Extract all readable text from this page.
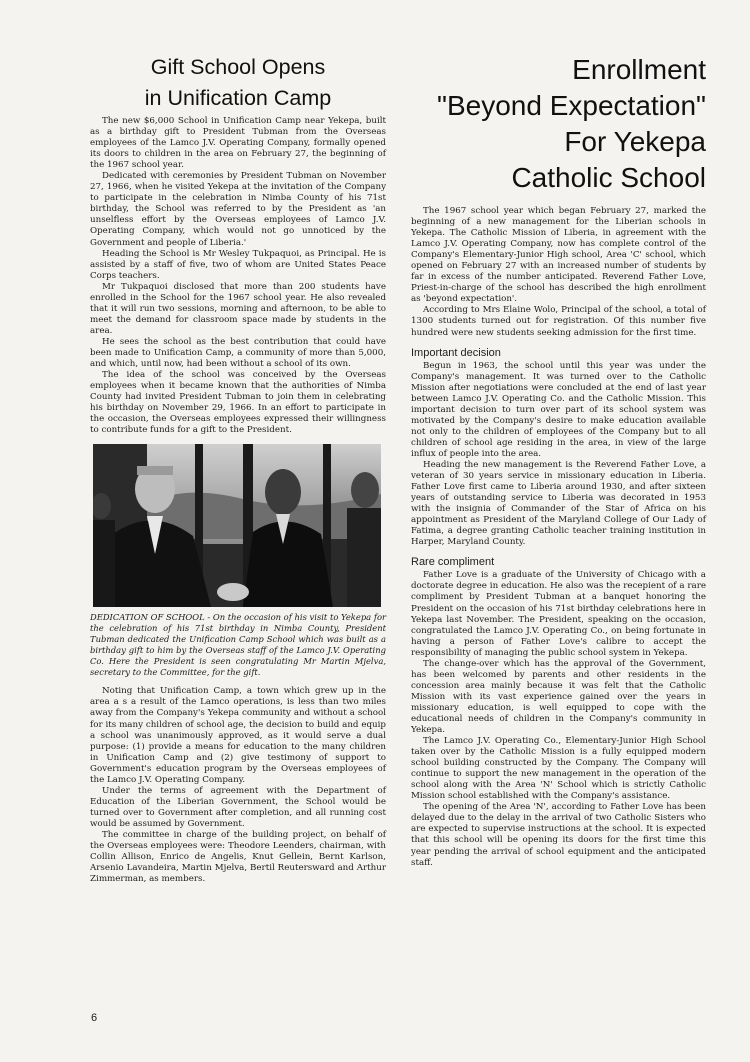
Gift School Opens
in Unification Camp

The new $6,000 School in Unification Camp near Yekepa, built as a birthday gift to President Tubman from the Overseas employees of the Lamco J.V. Operating Company, formally opened its doors to children in the area on February 27, the beginning of the 1967 school year.

Dedicated with ceremonies by President Tubman on November 27, 1966, when he visited Yekepa at the invitation of the Company to participate in the celebration in Nimba County of his 71st birthday, the School was referred to by the President as 'an unselfless effort by the Overseas employees of Lamco J.V. Operating Company, which would not go unnoticed by the Government and people of Liberia.'

Heading the School is Mr Wesley Tukpaquoi, as Principal. He is assisted by a staff of five, two of whom are United States Peace Corps teachers.

Mr Tukpaquoi disclosed that more than 200 students have enrolled in the School for the 1967 school year. He also revealed that it will run two sessions, morning and afternoon, to be able to meet the demand for classroom space made by students in the area.

He sees the school as the best contribution that could have been made to Unification Camp, a community of more than 5,000, and which, until now, had been without a school of its own.

The idea of the school was conceived by the Overseas employees when it became known that the authorities of Nimba County had invited President Tubman to join them in celebrating his birthday on November 29, 1966. In an effort to participate in the occasion, the Overseas employees expressed their willingness to contribute funds for a gift to the President.

DEDICATION OF SCHOOL - On the occasion of his visit to Yekepa for the celebration of his 71st birthday in Nimba County, President Tubman dedicated the Unification Camp School which was built as a birthday gift to him by the Overseas staff of the Lamco J.V. Operating Co. Here the President is seen congratulating Mr Martin Mjelva, secretary to the Committee, for the gift.

Noting that Unification Camp, a town which grew up in the area a s a result of the Lamco operations, is less than two miles away from the Company's Yekepa community and without a school for its many children of school age, the decision to build and equip a school was unanimously approved, as it would serve a dual purpose: (1) provide a means for education to the many children in Unification Camp and (2) give testimony of support to Government's education program by the Overseas employees of the Lamco J.V. Operating Company.

Under the terms of agreement with the Department of Education of the Liberian Government, the School would be turned over to Government after completion, and all running cost would be assumed by Government.

The committee in charge of the building project, on behalf of the Overseas employees were: Theodore Leenders, chairman, with Collin Allison, Enrico de Angelis, Knut Gellein, Bernt Karlson, Arsenio Lavandeira, Martin Mjelva, Bertil Reutersward and Arthur Zimmerman, as members.

Enrollment
"Beyond Expectation"
For Yekepa
Catholic School

The 1967 school year which began February 27, marked the beginning of a new management for the Liberian schools in Yekepa. The Catholic Mission of Liberia, in agreement with the Lamco J.V. Operating Company, now has complete control of the Company's Elementary-Junior High school, Area 'C' school, which opened on February 27 with an increased number of students by far in excess of the number anticipated. Reverend Father Love, Priest-in-charge of the school has described the high enrollment as 'beyond expectation'.

According to Mrs Elaine Wolo, Principal of the school, a total of 1300 students turned out for registration. Of this number five hundred were new students seeking admission for the first time.

Important decision

Begun in 1963, the school until this year was under the Company's management. It was turned over to the Catholic Mission after negotiations were concluded at the end of last year between Lamco J.V. Operating Co. and the Catholic Mission. This important decision to turn over part of its school system was motivated by the Company's desire to make education available not only to the children of employees of the Company but to all children of school age residing in the area, in view of the large influx of people into the area.

Heading the new management is the Reverend Father Love, a veteran of 30 years service in missionary education in Liberia. Father Love first came to Liberia around 1930, and after sixteen years of outstanding service to Liberia was decorated in 1953 with the insignia of Commander of the Star of Africa on his appointment as President of the Maryland College of Our Lady of Fatima, a degree granting Catholic teacher training institution in Harper, Maryland County.

Rare compliment

Father Love is a graduate of the University of Chicago with a doctorate degree in education. He also was the recepient of a rare compliment by President Tubman at a banquet honoring the President on the occasion of his 71st birthday celebrations here in Yekepa last November. The President, speaking on the occasion, congratulated the Lamco J.V. Operating Co., on being fortunate in having a person of Father Love's calibre to accept the responsibility of managing the public school system in Yekepa.

The change-over which has the approval of the Government, has been welcomed by parents and other residents in the concession area mainly because it was felt that the Catholic Mission with its vast experience gained over the years in missionary education, is well equipped to cope with the educational needs of children in the Company's community in Yekepa.

The Lamco J.V. Operating Co., Elementary-Junior High School taken over by the Catholic Mission is a fully equipped modern school building constructed by the Company. The Company will continue to support the new management in the operation of the school along with the Area 'N' School which is strictly Catholic Mission school established with the Company's assistance.

The opening of the Area 'N', according to Father Love has been delayed due to the delay in the arrival of two Catholic Sisters who are expected to supervise instructions at the school. It is expected that this school will be opening its doors for the first time this year pending the arrival of school equipment and the anticipated staff.

6
